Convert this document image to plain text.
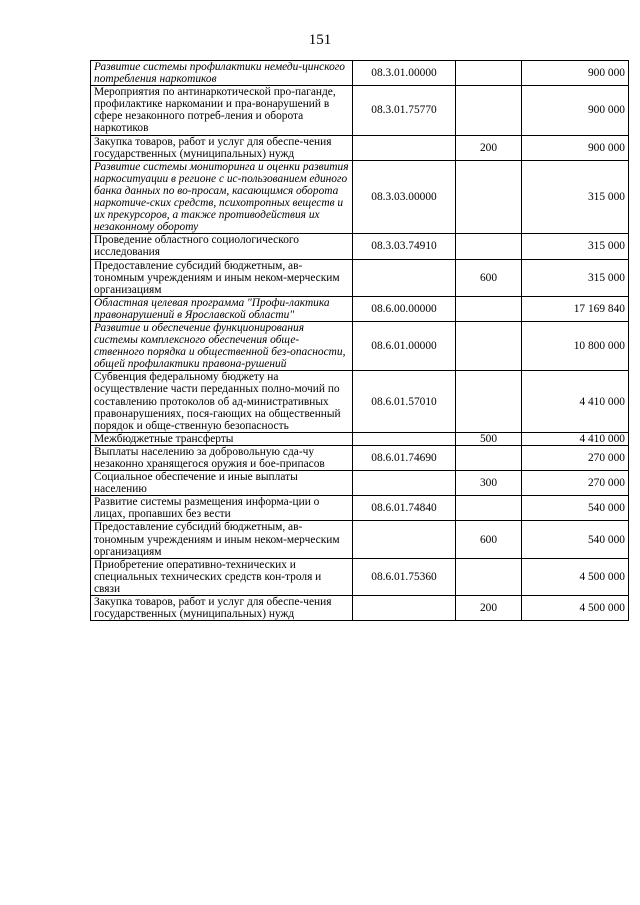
151
Развитие системы профилактики немеди-цинского потребления наркотиков	08.3.01.00000		900 000
Мероприятия по антинаркотической про-паганде, профилактике наркомании и пра-вонарушений в сфере незаконного потреб-ления и оборота наркотиков	08.3.01.75770		900 000
Закупка товаров, работ и услуг для обеспе-чения государственных (муниципальных) нужд		200	900 000
Развитие системы мониторинга и оценки развития наркоситуации в регионе с ис-пользованием единого банка данных по во-просам, касающимся оборота наркотиче-ских средств, психотропных веществ и их прекурсоров, а также противодействия их незаконному обороту	08.3.03.00000		315 000
Проведение областного социологического исследования	08.3.03.74910		315 000
Предоставление субсидий бюджетным, ав-тономным учреждениям и иным неком-мерческим организациям		600	315 000
Областная целевая программа "Профи-лактика правонарушений в Ярославской области"	08.6.00.00000		17 169 840
Развитие и обеспечение функционирования системы комплексного обеспечения обще-ственного порядка и общественной без-опасности, общей профилактики правона-рушений	08.6.01.00000		10 800 000
Субвенция федеральному бюджету на осуществление части переданных полно-мочий по составлению протоколов об ад-министративных правонарушениях, пося-гающих на общественный порядок и обще-ственную безопасность	08.6.01.57010		4 410 000
Межбюджетные трансферты		500	4 410 000
Выплаты населению за добровольную сда-чу незаконно хранящегося оружия и бое-припасов	08.6.01.74690		270 000
Социальное обеспечение и иные выплаты населению		300	270 000
Развитие системы размещения информа-ции о лицах, пропавших без вести	08.6.01.74840		540 000
Предоставление субсидий бюджетным, ав-тономным учреждениям и иным неком-мерческим организациям		600	540 000
Приобретение оперативно-технических и специальных технических средств кон-троля и связи	08.6.01.75360		4 500 000
Закупка товаров, работ и услуг для обеспе-чения государственных (муниципальных) нужд		200	4 500 000
